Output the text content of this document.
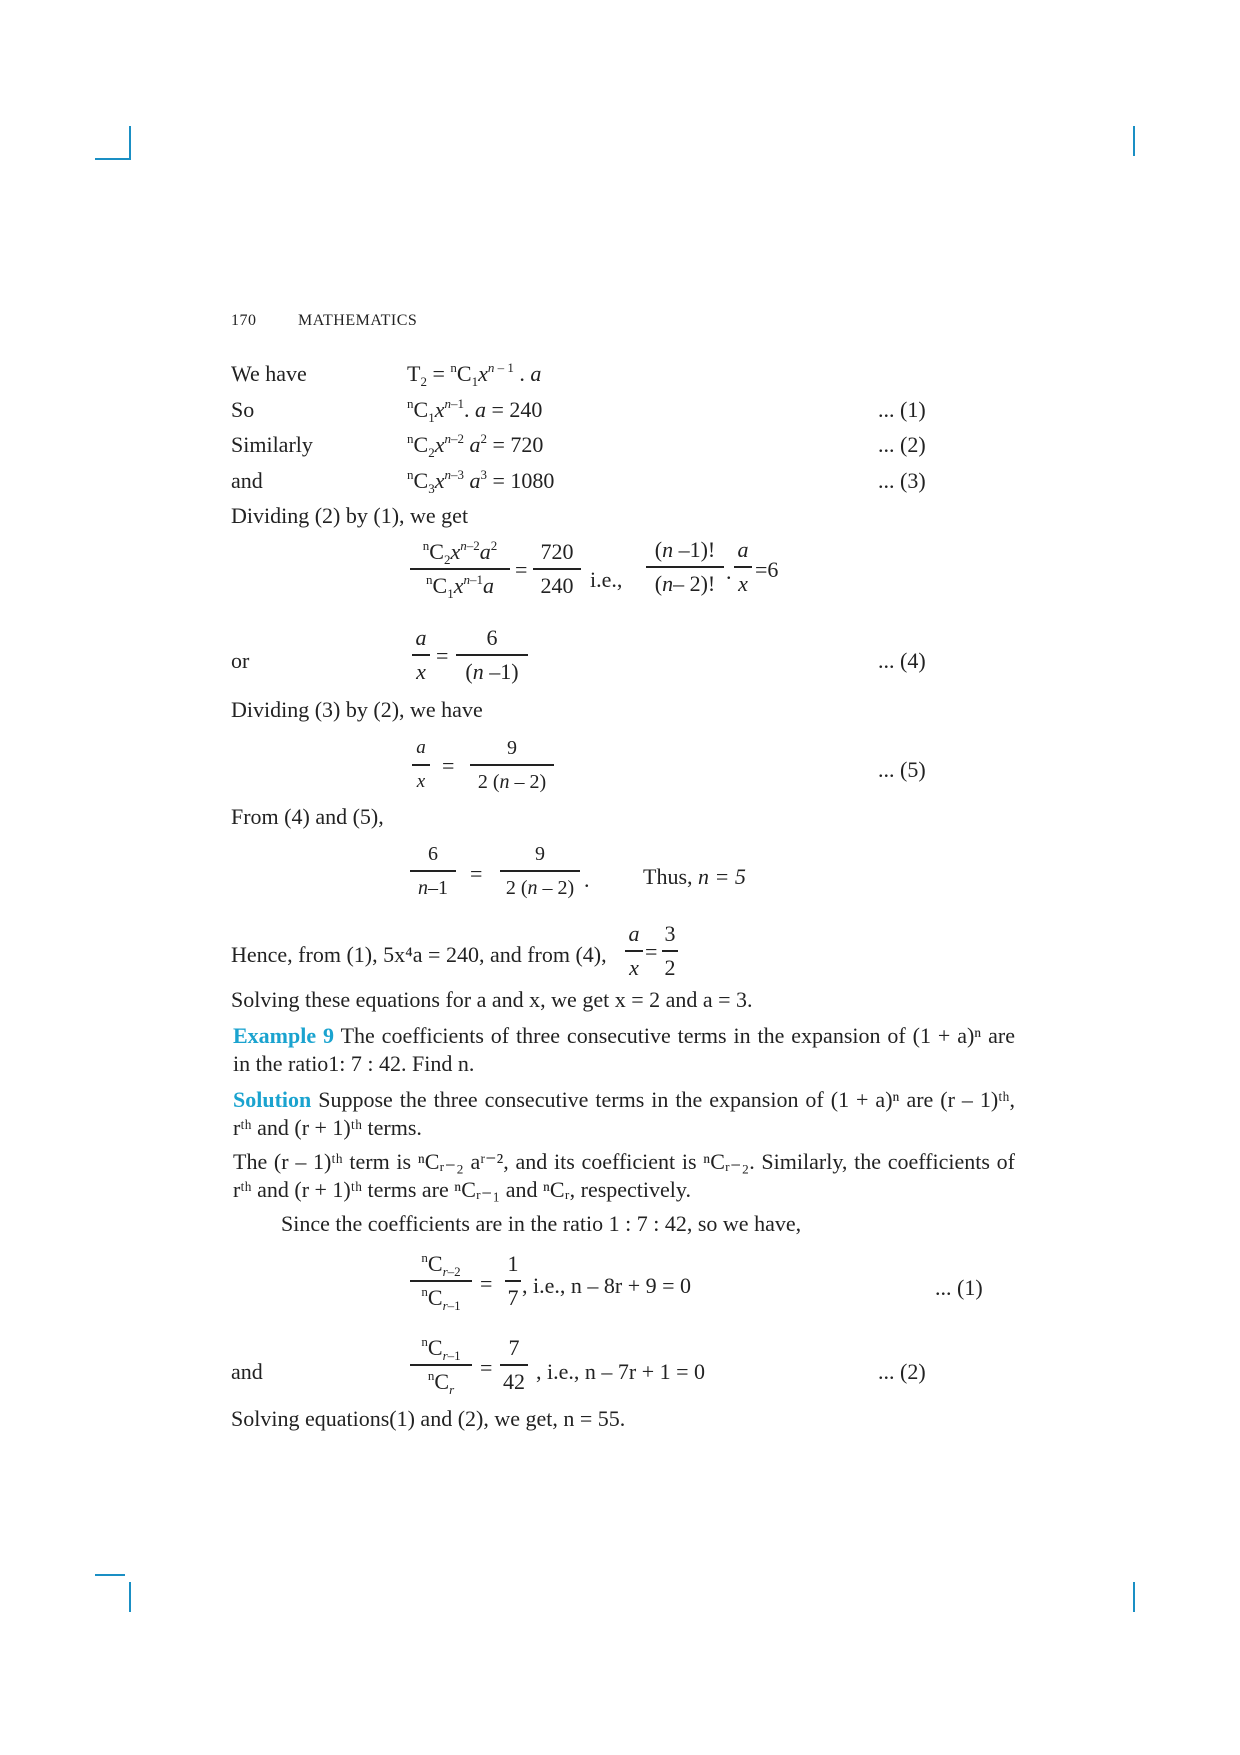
170	MATHEMATICS
We have	$T_2 = ^nC_1x^{n - 1}$ . a
So	$^nC_1x^{n-1}$. a = 240	... (1)
Similarly	$^nC_2x^{n-2}$ $a^2 = 720$	... (2)
and	$^nC_3x^{n-3}$ $a^3 = 1080$	... (3)
Dividing (2) by (1), we get
$^nC_2x^{n-2}a^2$
$^nC_1x^{n-1}a$
=
720
240 i.e.,
(n –1)!
(n– 2)! .
a
x
=6
or
a
x
=
6
(n –1)	... (4)
Dividing (3) by (2), we have
a
x
=
9
2 (n – 2)	... (5)
From (4) and (5),
6
n–1
=
9
2 (n – 2) . Thus, n = 5
Hence, from (1), 5x⁴a = 240, and from (4),
a
x
=
3
2
Solving these equations for a and x, we get x = 2 and a = 3.
Example 9 The coefficients of three consecutive terms in the expansion of (1 + a)ⁿ are in the ratio1: 7 : 42. Find n.
Solution Suppose the three consecutive terms in the expansion of (1 + a)ⁿ are (r – 1)ᵗʰ, rᵗʰ and (r + 1)ᵗʰ terms.
The (r – 1)ᵗʰ term is ⁿCᵣ₋₂ aʳ⁻², and its coefficient is ⁿCᵣ₋₂. Similarly, the coefficients of rᵗʰ and (r + 1)ᵗʰ terms are ⁿCᵣ₋₁ and ⁿCᵣ, respectively.
Since the coefficients are in the ratio 1 : 7 : 42, so we have,
$^nC_{r-2}$
$^nC_{r-1}$
=
1
7 , i.e., n – 8r + 9 = 0	... (1)
and
$^nC_{r-1}$
$^nC_r$
=
7
42 , i.e., n – 7r + 1 = 0	... (2)
Solving equations(1) and (2), we get, n = 55.
